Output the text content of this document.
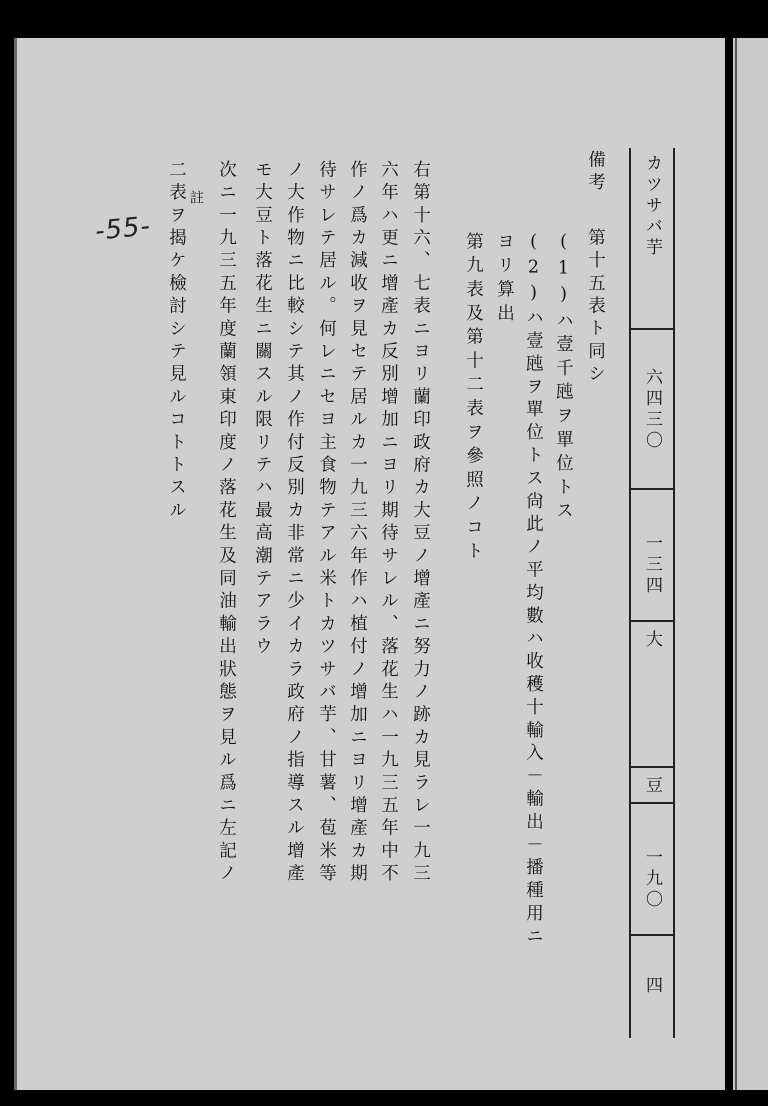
カツサバ芋
六四三〇
一三四
大
豆
一九〇
四
備考
第十五表ト同シ
(1)ハ壹千瓲ヲ單位トス
(2)ハ壹瓲ヲ單位トス尙此ノ平均數ハ收穫十輸入－輸出－播種用ニ
ヨリ算出
第九表及第十二表ヲ參照ノコト
右第十六、七表ニヨリ蘭印政府カ大豆ノ增產ニ努力ノ跡カ見ラレ一九三
六年ハ更ニ增產カ反別增加ニヨリ期待サレル、落花生ハ一九三五年中不
作ノ爲カ減收ヲ見セテ居ルカ一九三六年作ハ植付ノ增加ニヨリ增產カ期
待サレテ居ル。何レニセヨ主食物テアル米トカツサバ芋、甘薯、苞米等
ノ大作物ニ比較シテ其ノ作付反別カ非常ニ少イカラ政府ノ指導スル增產
モ大豆ト落花生ニ關スル限リテハ最高潮テアラウ
註 次ニ一九三五年度蘭領東印度ノ落花生及同油輸出狀態ヲ見ル爲ニ左記ノ
二表ヲ揭ケ檢討シテ見ルコトトスル
-55-
